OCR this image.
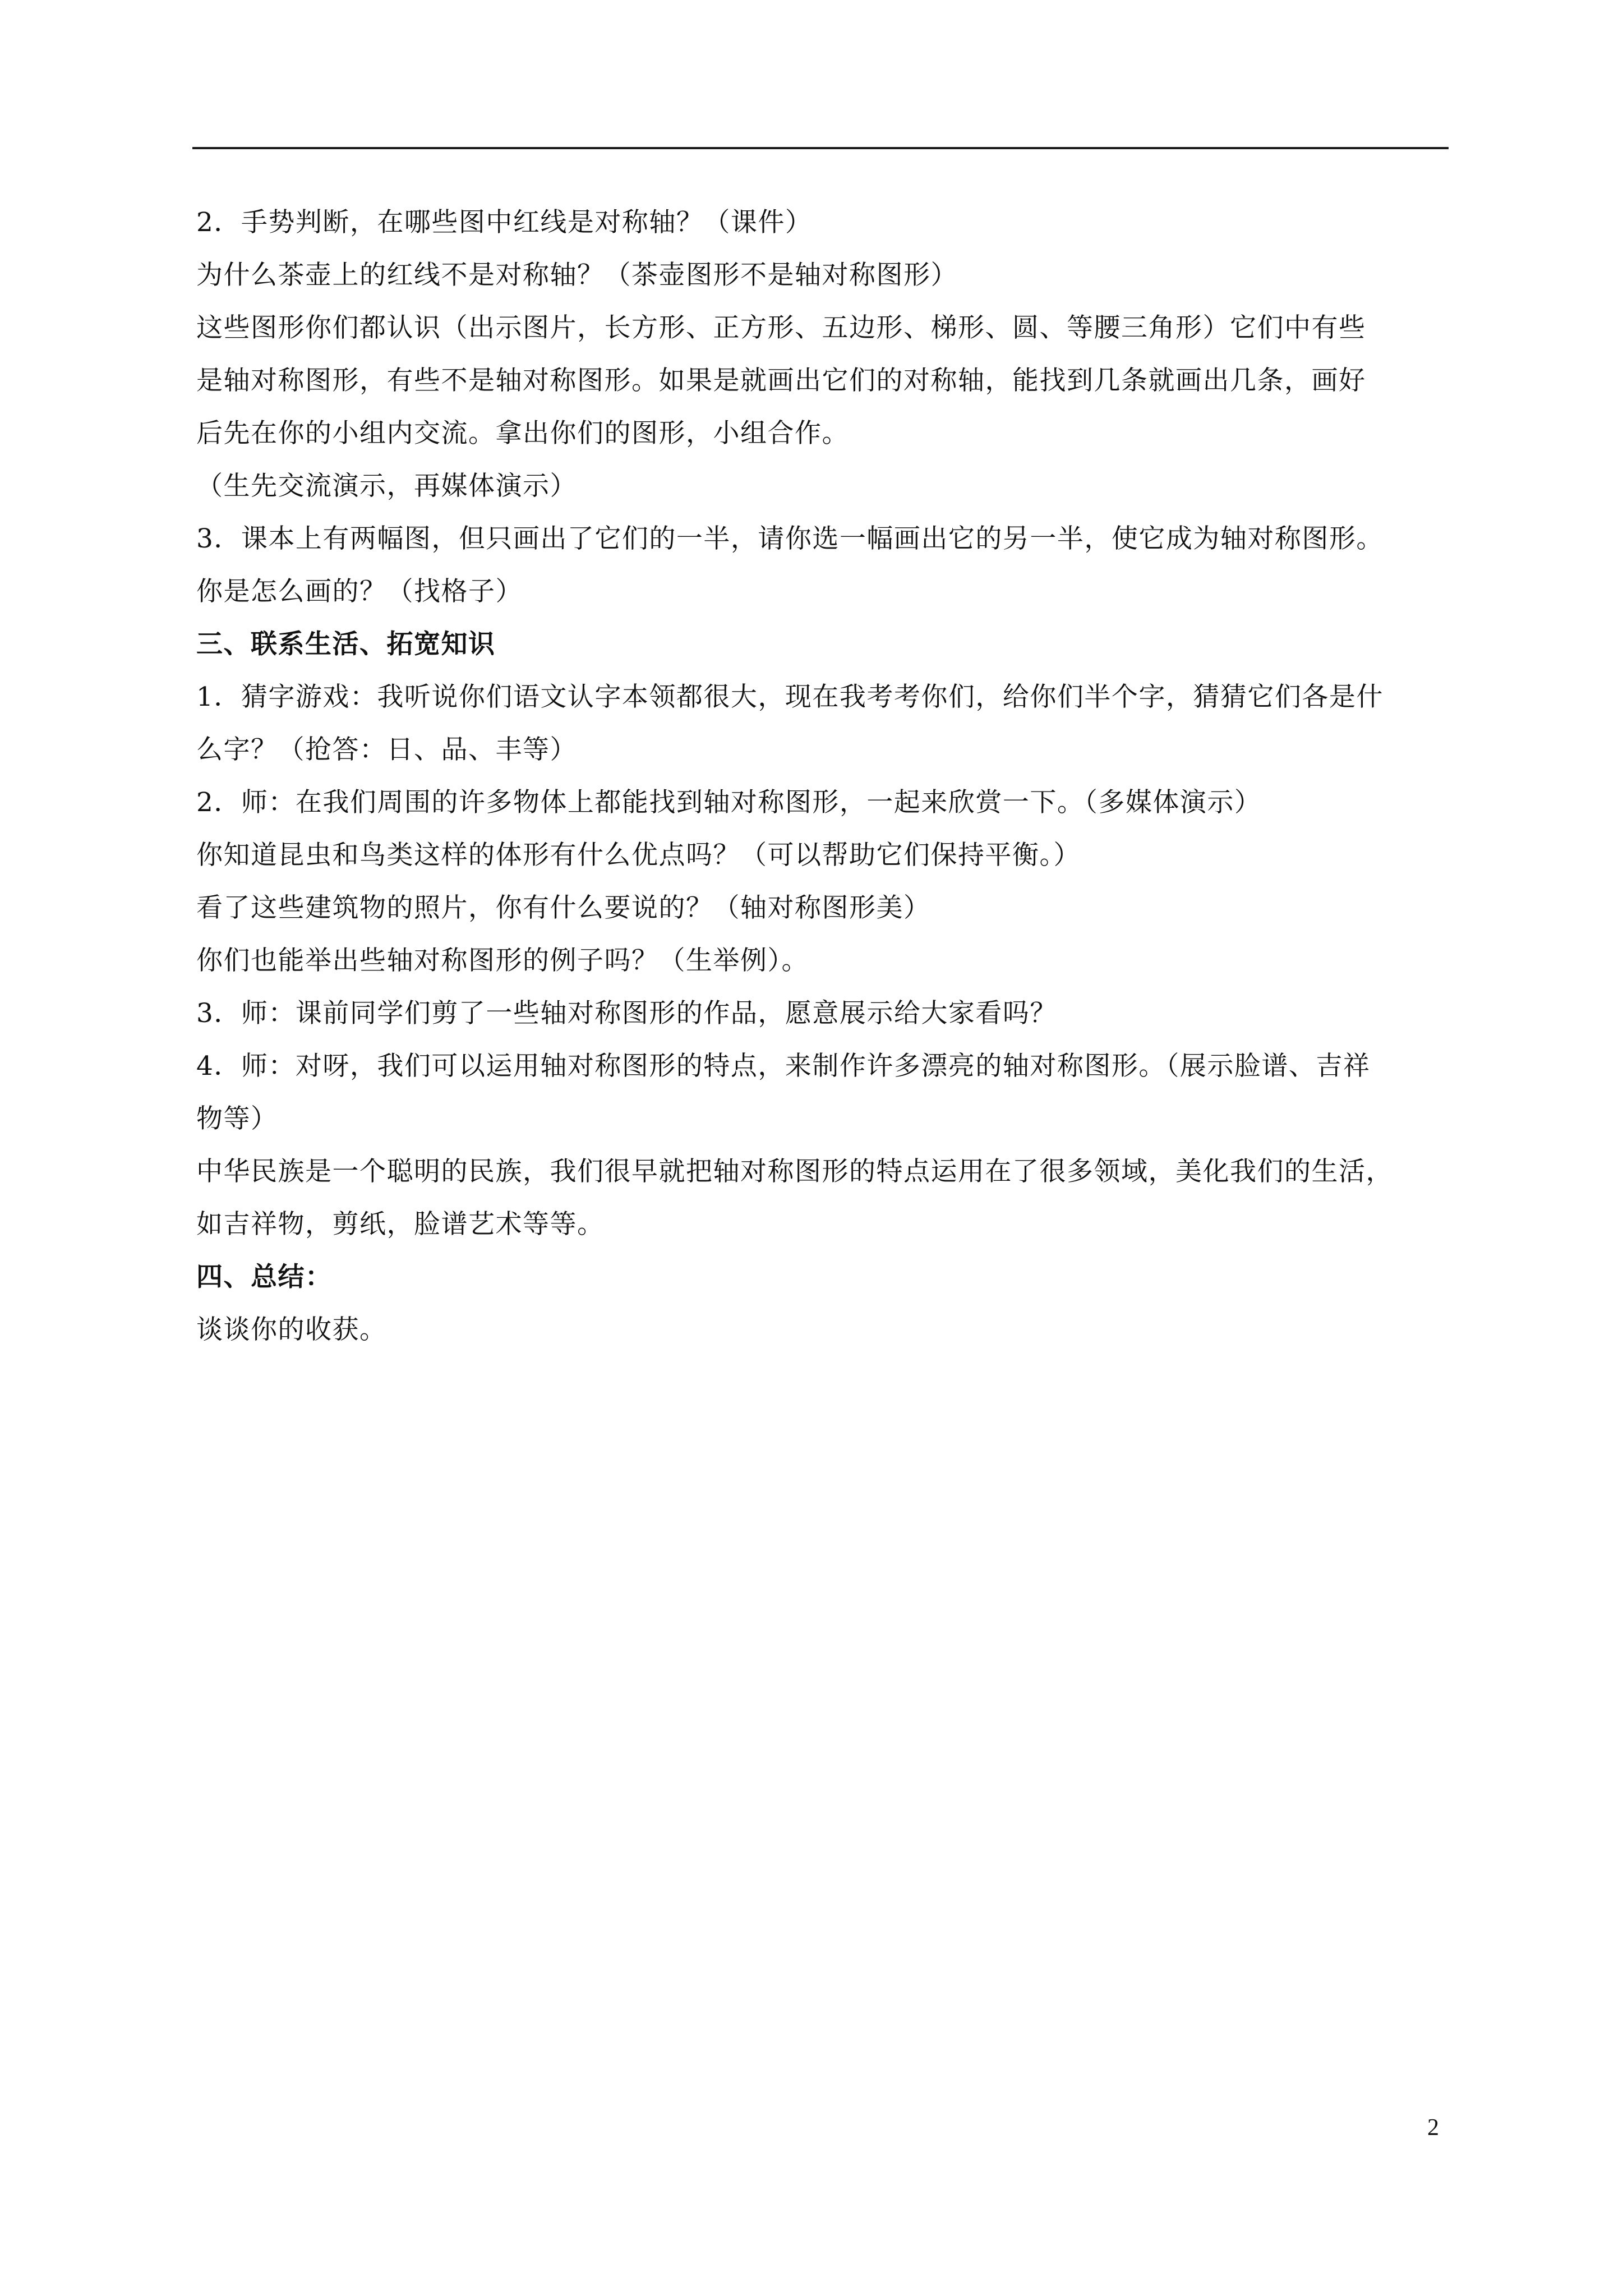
2．手势判断，在哪些图中红线是对称轴？（课件）
为什么茶壶上的红线不是对称轴？（茶壶图形不是轴对称图形）
这些图形你们都认识（出示图片，长方形、正方形、五边形、梯形、圆、等腰三角形）它们中有些
是轴对称图形，有些不是轴对称图形。如果是就画出它们的对称轴，能找到几条就画出几条，画好
后先在你的小组内交流。拿出你们的图形，小组合作。
（生先交流演示，再媒体演示）
3．课本上有两幅图，但只画出了它们的一半，请你选一幅画出它的另一半，使它成为轴对称图形。
你是怎么画的？（找格子）
三、联系生活、拓宽知识
1．猜字游戏：我听说你们语文认字本领都很大，现在我考考你们，给你们半个字，猜猜它们各是什
么字？（抢答：日、品、丰等）
2．师：在我们周围的许多物体上都能找到轴对称图形，一起来欣赏一下。（多媒体演示）
你知道昆虫和鸟类这样的体形有什么优点吗？（可以帮助它们保持平衡。）
看了这些建筑物的照片，你有什么要说的？（轴对称图形美）
你们也能举出些轴对称图形的例子吗？（生举例）。
3．师：课前同学们剪了一些轴对称图形的作品，愿意展示给大家看吗？
4．师：对呀，我们可以运用轴对称图形的特点，来制作许多漂亮的轴对称图形。（展示脸谱、吉祥
物等）
中华民族是一个聪明的民族，我们很早就把轴对称图形的特点运用在了很多领域，美化我们的生活，
如吉祥物，剪纸，脸谱艺术等等。
四、总结：
谈谈你的收获。
2
